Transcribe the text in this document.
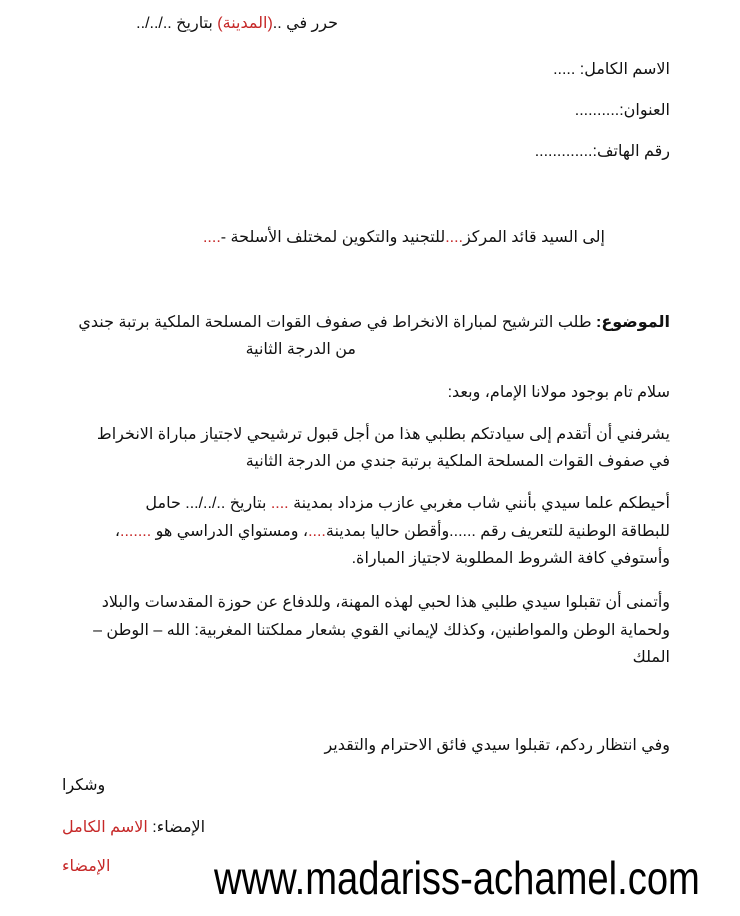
حرر في ..(المدينة) بتاريخ ../../..
الاسم الكامل: .....
العنوان:..........
رقم الهاتف:.............
إلى السيد قائد المركز....للتجنيد والتكوين لمختلف الأسلحة -....
الموضوع: طلب الترشيح لمباراة الانخراط في صفوف القوات المسلحة الملكية برتبة جندي
من الدرجة الثانية
سلام تام بوجود مولانا الإمام، وبعد:
يشرفني أن أتقدم إلى سيادتكم بطلبي هذا من أجل قبول ترشيحي لاجتياز مباراة الانخراط
في صفوف القوات المسلحة الملكية برتبة جندي من الدرجة الثانية
أحيطكم علما سيدي بأنني شاب مغربي عازب مزداد بمدينة .... بتاريخ ../../... حامل
للبطاقة الوطنية للتعريف رقم ......وأقطن حاليا بمدينة....، ومستواي الدراسي هو .......،
وأستوفي كافة الشروط المطلوبة لاجتياز المباراة.
وأتمنى أن تقبلوا سيدي طلبي هذا لحبي لهذه المهنة، وللدفاع عن حوزة المقدسات والبلاد
ولحماية الوطن والمواطنين، وكذلك لإيماني القوي بشعار مملكتنا المغربية: الله – الوطن –
الملك
وفي انتظار ردكم، تقبلوا سيدي فائق الاحترام والتقدير
وشكرا
الإمضاء: الاسم الكامل
الإمضاء www.madariss-achamel.com
